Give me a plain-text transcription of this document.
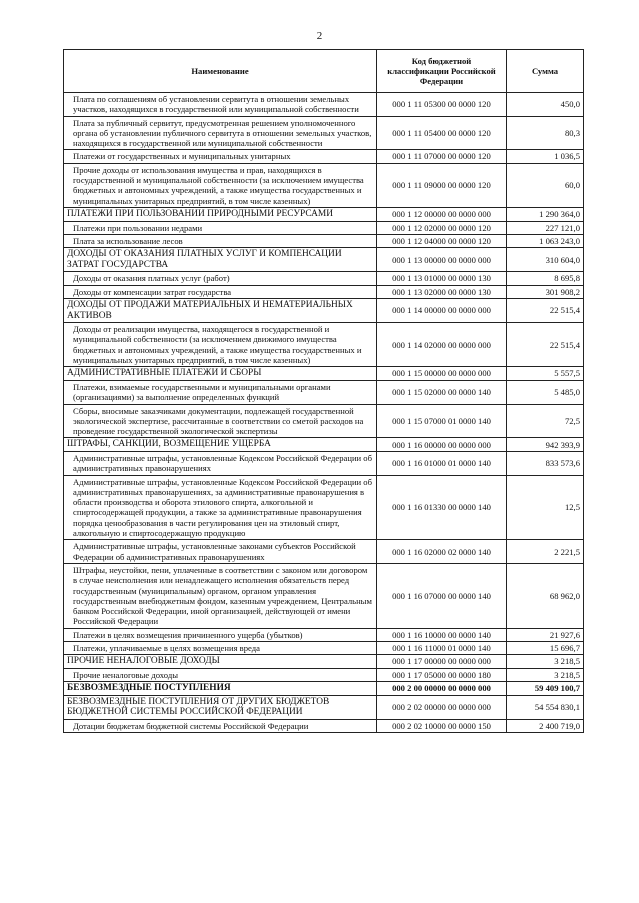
2
Наименование	Код бюджетной классификации Российской Федерации	Сумма
Плата по соглашениям об установлении сервитута в отношении земельных участков, находящихся в государственной или муниципальной собственности	000 1 11 05300 00 0000 120	450,0
Плата за публичный сервитут, предусмотренная решением уполномоченного органа об установлении публичного сервитута в отношении земельных участков, находящихся в государственной или муниципальной собственности	000 1 11 05400 00 0000 120	80,3
Платежи от государственных и муниципальных унитарных	000 1 11 07000 00 0000 120	1 036,5
Прочие доходы от использования имущества и прав, находящихся в государственной и муниципальной собственности (за исключением имущества бюджетных и автономных учреждений, а также имущества государственных и муниципальных унитарных предприятий, в том числе казенных)	000 1 11 09000 00 0000 120	60,0
ПЛАТЕЖИ ПРИ ПОЛЬЗОВАНИИ ПРИРОДНЫМИ РЕСУРСАМИ	000 1 12 00000 00 0000 000	1 290 364,0
Платежи при пользовании недрами	000 1 12 02000 00 0000 120	227 121,0
Плата за использование лесов	000 1 12 04000 00 0000 120	1 063 243,0
ДОХОДЫ ОТ ОКАЗАНИЯ ПЛАТНЫХ УСЛУГ И КОМПЕНСАЦИИ ЗАТРАТ ГОСУДАРСТВА	000 1 13 00000 00 0000 000	310 604,0
Доходы от оказания платных услуг (работ)	000 1 13 01000 00 0000 130	8 695,8
Доходы от компенсации затрат государства	000 1 13 02000 00 0000 130	301 908,2
ДОХОДЫ ОТ ПРОДАЖИ МАТЕРИАЛЬНЫХ И НЕМАТЕРИАЛЬНЫХ АКТИВОВ	000 1 14 00000 00 0000 000	22 515,4
Доходы от реализации имущества, находящегося в государственной и муниципальной собственности (за исключением движимого имущества бюджетных и автономных учреждений, а также имущества государственных и муниципальных унитарных предприятий, в том числе казенных)	000 1 14 02000 00 0000 000	22 515,4
АДМИНИСТРАТИВНЫЕ ПЛАТЕЖИ И СБОРЫ	000 1 15 00000 00 0000 000	5 557,5
Платежи, взимаемые государственными и муниципальными органами (организациями) за выполнение определенных функций	000 1 15 02000 00 0000 140	5 485,0
Сборы, вносимые заказчиками документации, подлежащей государственной экологической экспертизе, рассчитанные в соответствии со сметой расходов на проведение государственной экологической экспертизы	000 1 15 07000 01 0000 140	72,5
ШТРАФЫ, САНКЦИИ, ВОЗМЕЩЕНИЕ УЩЕРБА	000 1 16 00000 00 0000 000	942 393,9
Административные штрафы, установленные Кодексом Российской Федерации об административных правонарушениях	000 1 16 01000 01 0000 140	833 573,6
Административные штрафы, установленные Кодексом Российской Федерации об административных правонарушениях, за административные правонарушения в области производства и оборота этилового спирта, алкогольной и спиртосодержащей продукции, а также за административные правонарушения порядка ценообразования в части регулирования цен на этиловый спирт, алкогольную и спиртосодержащую продукцию	000 1 16 01330 00 0000 140	12,5
Административные штрафы, установленные законами субъектов Российской Федерации об административных правонарушениях	000 1 16 02000 02 0000 140	2 221,5
Штрафы, неустойки, пени, уплаченные в соответствии с законом или договором в случае неисполнения или ненадлежащего исполнения обязательств перед государственным (муниципальным) органом, органом управления государственным внебюджетным фондом, казенным учреждением, Центральным банком Российской Федерации, иной организацией, действующей от имени Российской Федерации	000 1 16 07000 00 0000 140	68 962,0
Платежи в целях возмещения причиненного ущерба (убытков)	000 1 16 10000 00 0000 140	21 927,6
Платежи, уплачиваемые в целях возмещения вреда	000 1 16 11000 01 0000 140	15 696,7
ПРОЧИЕ НЕНАЛОГОВЫЕ ДОХОДЫ	000 1 17 00000 00 0000 000	3 218,5
Прочие неналоговые доходы	000 1 17 05000 00 0000 180	3 218,5
БЕЗВОЗМЕЗДНЫЕ ПОСТУПЛЕНИЯ	000 2 00 00000 00 0000 000	59 409 100,7
БЕЗВОЗМЕЗДНЫЕ ПОСТУПЛЕНИЯ ОТ ДРУГИХ БЮДЖЕТОВ БЮДЖЕТНОЙ СИСТЕМЫ РОССИЙСКОЙ ФЕДЕРАЦИИ	000 2 02 00000 00 0000 000	54 554 830,1
Дотации бюджетам бюджетной системы Российской Федерации	000 2 02 10000 00 0000 150	2 400 719,0
